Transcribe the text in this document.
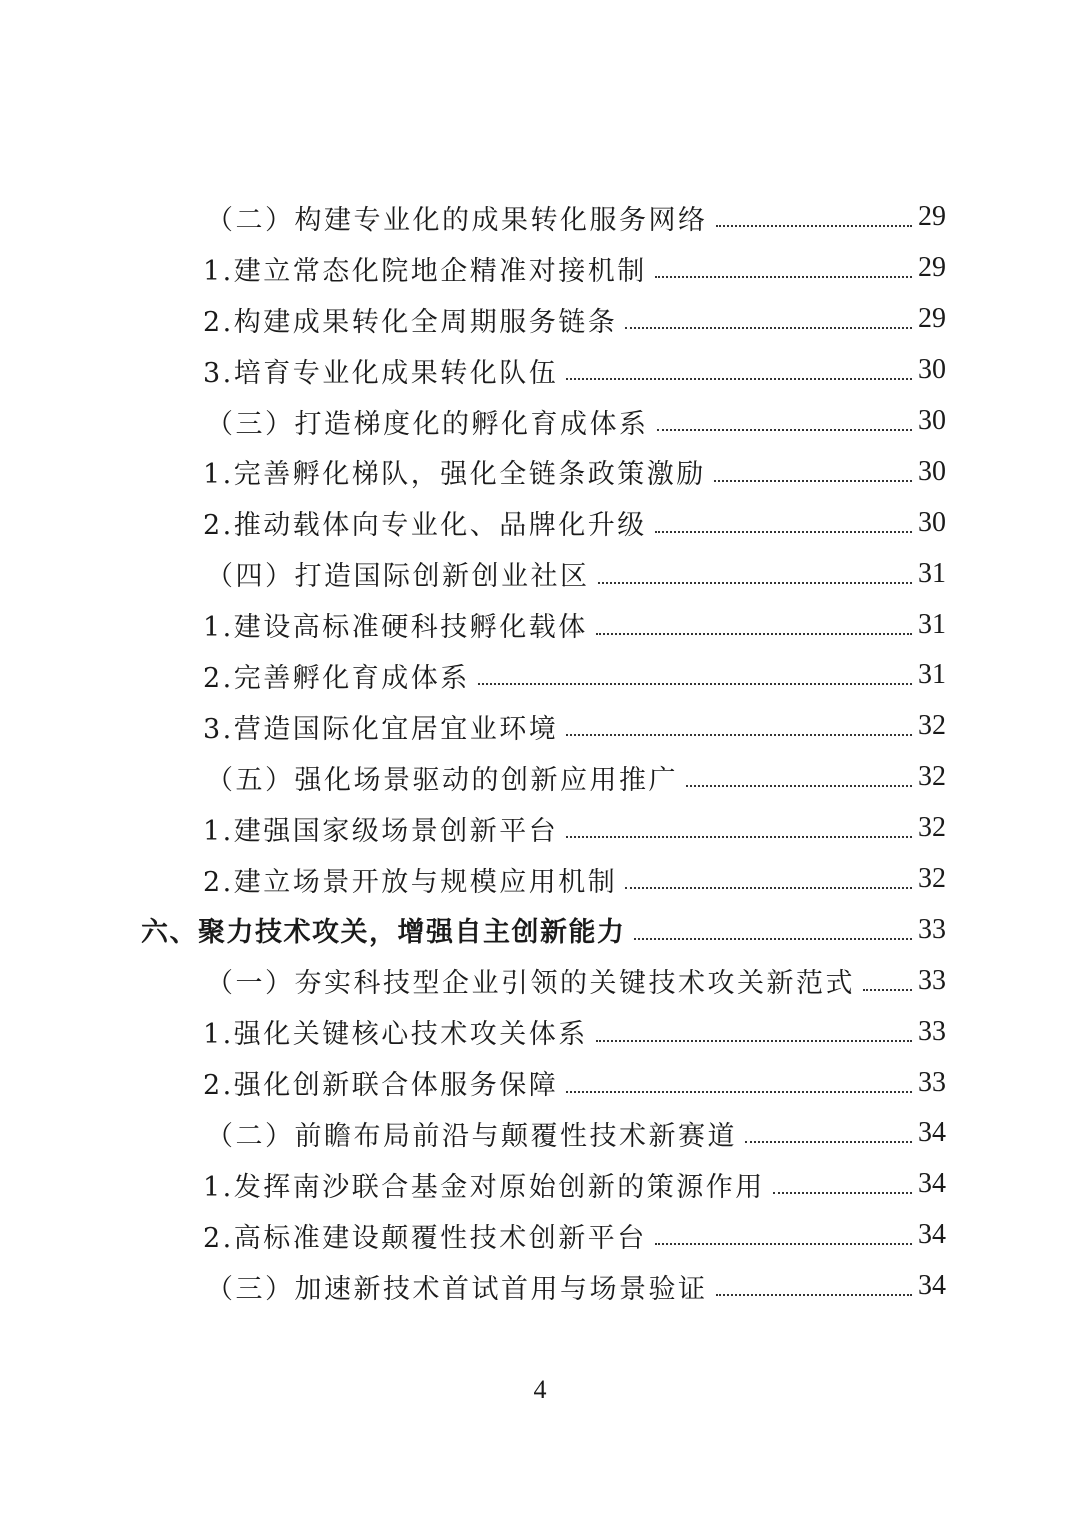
（二）构建专业化的成果转化服务网络	29
1.建立常态化院地企精准对接机制	29
2.构建成果转化全周期服务链条	29
3.培育专业化成果转化队伍	30
（三）打造梯度化的孵化育成体系	30
1.完善孵化梯队，强化全链条政策激励	30
2.推动载体向专业化、品牌化升级	30
（四）打造国际创新创业社区	31
1.建设高标准硬科技孵化载体	31
2.完善孵化育成体系	31
3.营造国际化宜居宜业环境	32
（五）强化场景驱动的创新应用推广	32
1.建强国家级场景创新平台	32
2.建立场景开放与规模应用机制	32
六、聚力技术攻关，增强自主创新能力	33
（一）夯实科技型企业引领的关键技术攻关新范式 33
1.强化关键核心技术攻关体系	33
2.强化创新联合体服务保障	33
（二）前瞻布局前沿与颠覆性技术新赛道	34
1.发挥南沙联合基金对原始创新的策源作用	34
2.高标准建设颠覆性技术创新平台	34
（三）加速新技术首试首用与场景验证	34
4
